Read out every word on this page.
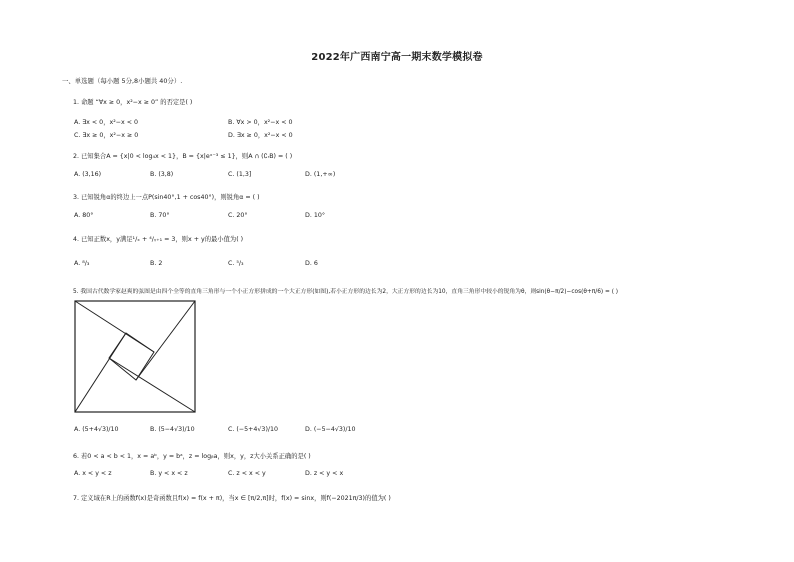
2022年广西南宁高一期末数学模拟卷
一、单选题（每小题 5分,8小题共 40分）.
1. 命题 “∀x ≥ 0，x²−x ≥ 0” 的否定是( )
A. ∃x < 0，x²−x < 0	B. ∀x > 0，x²−x < 0
C. ∃x ≥ 0，x²−x ≥ 0	D. ∃x ≥ 0，x²−x < 0
2. 已知集合A = {x|0 < log₄x < 1}，B = {x|eˣ⁻³ ≤ 1}，则A ∩ (∁ᵣB) = ( )
A. (3,16)	B. (3,8)	C. (1,3]	D. (1,+∞)
3. 已知锐角α的终边上一点P(sin40°,1 + cos40°)，则锐角α = ( )
A. 80°	B. 70°	C. 20°	D. 10°
4. 已知正数x，y满足¹/ₓ + ⁴/ᵧ₊₁ = 3，则x + y的最小值为( )
A. ⁸/₃	B. 2	C. ⁵/₃	D. 6
5. 我国古代数学家赵爽的弦图是由四个全等的直角三角形与一个小正方形拼成的一个大正方形(如图),若小正方形的边长为2，大正方形的边长为10，直角三角形中较小的锐角为θ，则sin(θ−π/2)−cos(θ+π/6) = ( )
A. (5+4√3)/10	B. (5−4√3)/10	C. (−5+4√3)/10	D. (−5−4√3)/10
6. 若0 < a < b < 1，x = aᵇ，y = bᵃ，z = logᵦa，则x，y，z大小关系正确的是( )
A. x < y < z	B. y < x < z	C. z < x < y	D. z < y < x
7. 定义域在R上的函数f(x)是奇函数且f(x) = f(x + π)，当x ∈ [π/2,π]时，f(x) = sinx，则f(−2021π/3)的值为( )
